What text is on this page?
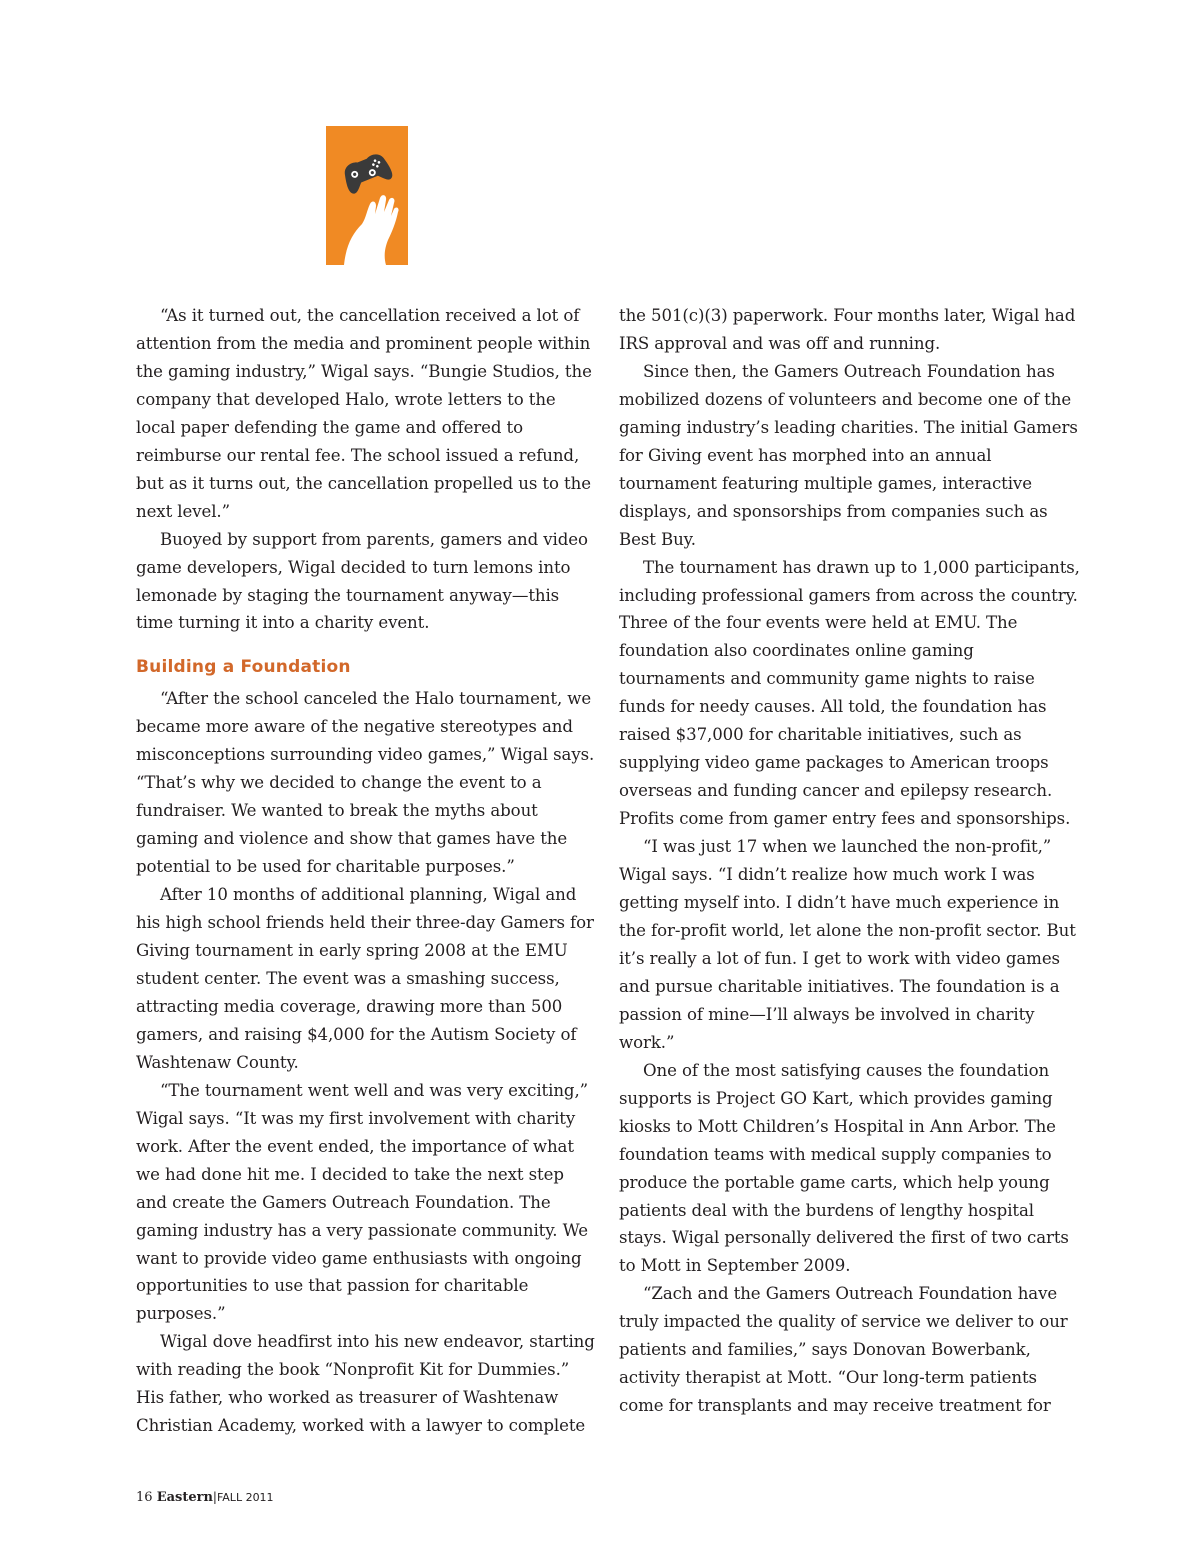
“As it turned out, the cancellation received a lot of attention from the media and prominent people within the gaming industry,” Wigal says. “Bungie Studios, the company that developed Halo, wrote letters to the local paper defending the game and offered to reimburse our rental fee. The school issued a refund, but as it turns out, the cancellation propelled us to the next level.”

Buoyed by support from parents, gamers and video game developers, Wigal decided to turn lemons into lemonade by staging the tournament anyway—this time turning it into a charity event.

Building a Foundation

“After the school canceled the Halo tournament, we became more aware of the negative stereotypes and misconceptions surrounding video games,” Wigal says. “That’s why we decided to change the event to a fundraiser. We wanted to break the myths about gaming and violence and show that games have the potential to be used for charitable purposes.”

After 10 months of additional planning, Wigal and his high school friends held their three-day Gamers for Giving tournament in early spring 2008 at the EMU student center. The event was a smashing success, attracting media coverage, drawing more than 500 gamers, and raising $4,000 for the Autism Society of Washtenaw County.

“The tournament went well and was very exciting,” Wigal says. “It was my first involvement with charity work. After the event ended, the importance of what we had done hit me. I decided to take the next step and create the Gamers Outreach Foundation. The gaming industry has a very passionate community. We want to provide video game enthusiasts with ongoing opportunities to use that passion for charitable purposes.”

Wigal dove headfirst into his new endeavor, starting with reading the book “Nonprofit Kit for Dummies.” His father, who worked as treasurer of Washtenaw Christian Academy, worked with a lawyer to complete

the 501(c)(3) paperwork. Four months later, Wigal had IRS approval and was off and running.

Since then, the Gamers Outreach Foundation has mobilized dozens of volunteers and become one of the gaming industry’s leading charities. The initial Gamers for Giving event has morphed into an annual tournament featuring multiple games, interactive displays, and sponsorships from companies such as Best Buy.

The tournament has drawn up to 1,000 participants, including professional gamers from across the country. Three of the four events were held at EMU. The foundation also coordinates online gaming tournaments and community game nights to raise funds for needy causes. All told, the foundation has raised $37,000 for charitable initiatives, such as supplying video game packages to American troops overseas and funding cancer and epilepsy research. Profits come from gamer entry fees and sponsorships.

“I was just 17 when we launched the non-profit,” Wigal says. “I didn’t realize how much work I was getting myself into. I didn’t have much experience in the for-profit world, let alone the non-profit sector. But it’s really a lot of fun. I get to work with video games and pursue charitable initiatives. The foundation is a passion of mine—I’ll always be involved in charity work.”

One of the most satisfying causes the foundation supports is Project GO Kart, which provides gaming kiosks to Mott Children’s Hospital in Ann Arbor. The foundation teams with medical supply companies to produce the portable game carts, which help young patients deal with the burdens of lengthy hospital stays. Wigal personally delivered the first of two carts to Mott in September 2009.

“Zach and the Gamers Outreach Foundation have truly impacted the quality of service we deliver to our patients and families,” says Donovan Bowerbank, activity therapist at Mott. “Our long-term patients come for transplants and may receive treatment for

16 Eastern|FALL 2011
